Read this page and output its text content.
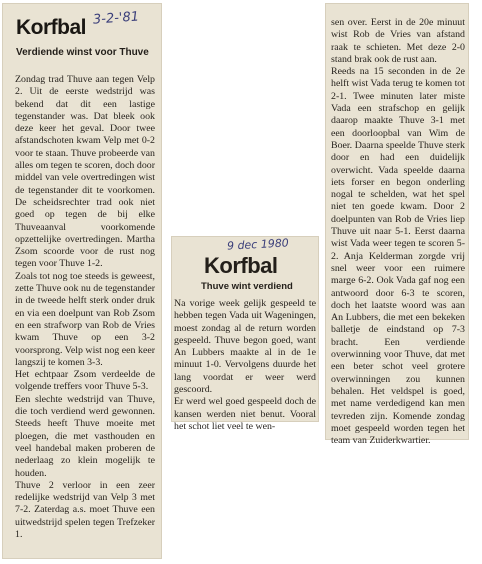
Korfbal 3-2-'81
Verdiende winst voor Thuve

Zondag trad Thuve aan tegen Velp 2. Uit de eerste wedstrijd was bekend dat dit een lastige tegenstander was. Dat bleek ook deze keer het geval. Door twee afstandschoten kwam Velp met 0-2 voor te staan. Thuve probeerde van alles om tegen te scoren, doch door middel van vele overtredingen wist de tegenstander dit te voorkomen. De scheidsrechter trad ook niet goed op tegen de bij elke Thuveaanval voorkomende opzettelijke overtredingen. Martha Zsom scoorde voor de rust nog tegen voor Thuve 1-2.

Zoals tot nog toe steeds is geweest, zette Thuve ook nu de tegenstander in de tweede helft sterk onder druk en via een doelpunt van Rob Zsom en een strafworp van Rob de Vries kwam Thuve op een 3-2 voorsprong. Velp wist nog een keer langszij te komen 3-3.

Het echtpaar Zsom verdeelde de volgende treffers voor Thuve 5-3.

Een slechte wedstrijd van Thuve, die toch verdiend werd gewonnen. Steeds heeft Thuve moeite met ploegen, die met vasthouden en veel handebal maken proberen de nederlaag zo klein mogelijk te houden.

Thuve 2 verloor in een zeer redelijke wedstrijd van Velp 3 met 7-2. Zaterdag a.s. moet Thuve een uitwedstrijd spelen tegen Trefzeker 1.

9 dec 1980
Korfbal
Thuve wint verdiend

Na vorige week gelijk gespeeld te hebben tegen Vada uit Wageningen, moest zondag al de return worden gespeeld. Thuve begon goed, want An Lubbers maakte al in de 1e minuut 1-0. Vervolgens duurde het lang voordat er weer werd gescoord.

Er werd wel goed gespeeld doch de kansen werden niet benut. Vooral het schot liet veel te wen-

sen over. Eerst in de 20e minuut wist Rob de Vries van afstand raak te schieten. Met deze 2-0 stand brak ook de rust aan.

Reeds na 15 seconden in de 2e helft wist Vada terug te komen tot 2-1. Twee minuten later miste Vada een strafschop en gelijk daarop maakte Thuve 3-1 met een doorloopbal van Wim de Boer. Daarna speelde Thuve sterk door en had een duidelijk overwicht. Vada speelde daarna iets forser en begon onderling nogal te schelden, wat het spel niet ten goede kwam. Door 2 doelpunten van Rob de Vries liep Thuve uit naar 5-1. Eerst daarna wist Vada weer tegen te scoren 5-2. Anja Kelderman zorgde vrij snel weer voor een ruimere marge 6-2. Ook Vada gaf nog een antwoord door 6-3 te scoren, doch het laatste woord was aan An Lubbers, die met een bekeken balletje de eindstand op 7-3 bracht. Een verdiende overwinning voor Thuve, dat met een beter schot veel grotere overwinningen zou kunnen behalen. Het veldspel is goed, met name verdedigend kan men tevreden zijn. Komende zondag moet gespeeld worden tegen het team van Zuiderkwartier.
